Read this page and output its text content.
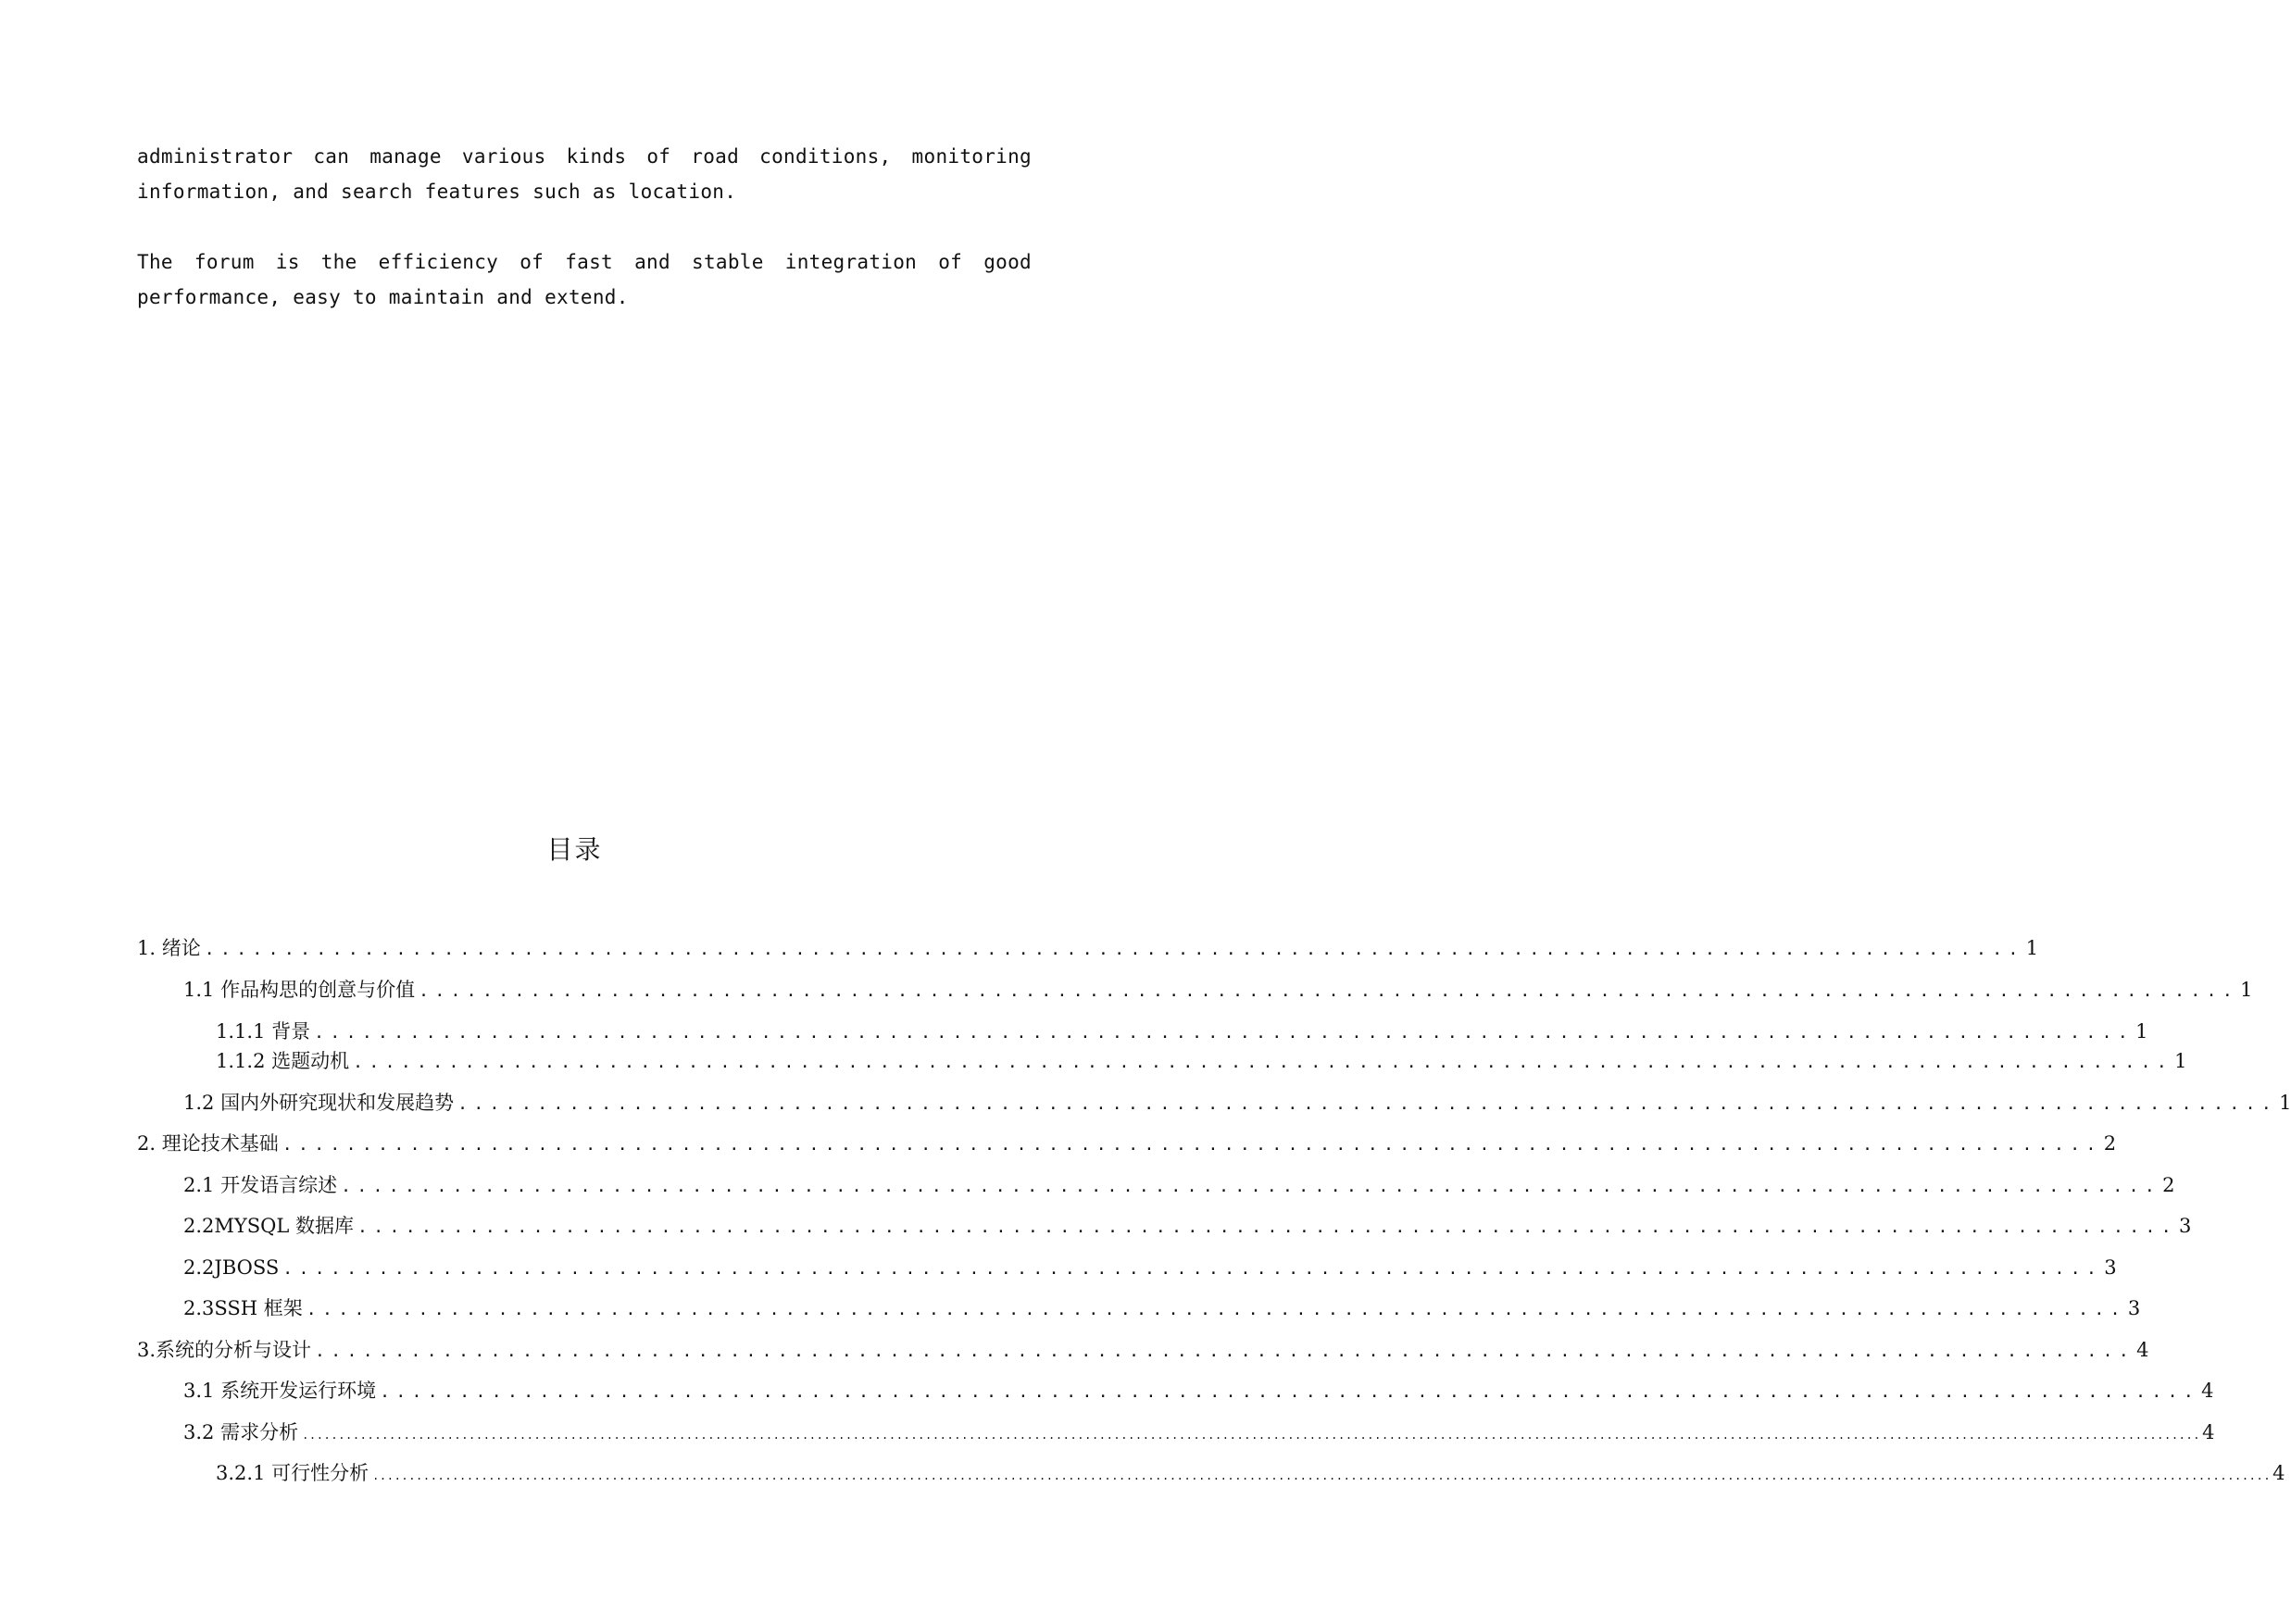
administrator can manage various kinds of road conditions, monitoring information, and search features such as location.

The forum is the efficiency of fast and stable integration of good performance, easy to maintain and extend.

目录
1. 绪论 .................................................................................................................. 1
1.1 作品构思的创意与价值 .................................................................................................................. 1
1.1.1 背景 .................................................................................................................. 1
1.1.2 选题动机 .................................................................................................................. 1
1.2 国内外研究现状和发展趋势 .................................................................................................................. 1
2. 理论技术基础 .................................................................................................................. 2
2.1 开发语言综述 .................................................................................................................. 2
2.2MYSQL 数据库 .................................................................................................................. 3
2.2JBOSS .................................................................................................................. 3
2.3SSH 框架 .................................................................................................................. 3
3.系统的分析与设计 .................................................................................................................. 4
3.1 系统开发运行环境 .................................................................................................................. 4
3.2 需求分析 ...................................................................................................................................................................................................................................................................... 4
3.2.1 可行性分析 ...................................................................................................................................................................................................................................................................... 4
